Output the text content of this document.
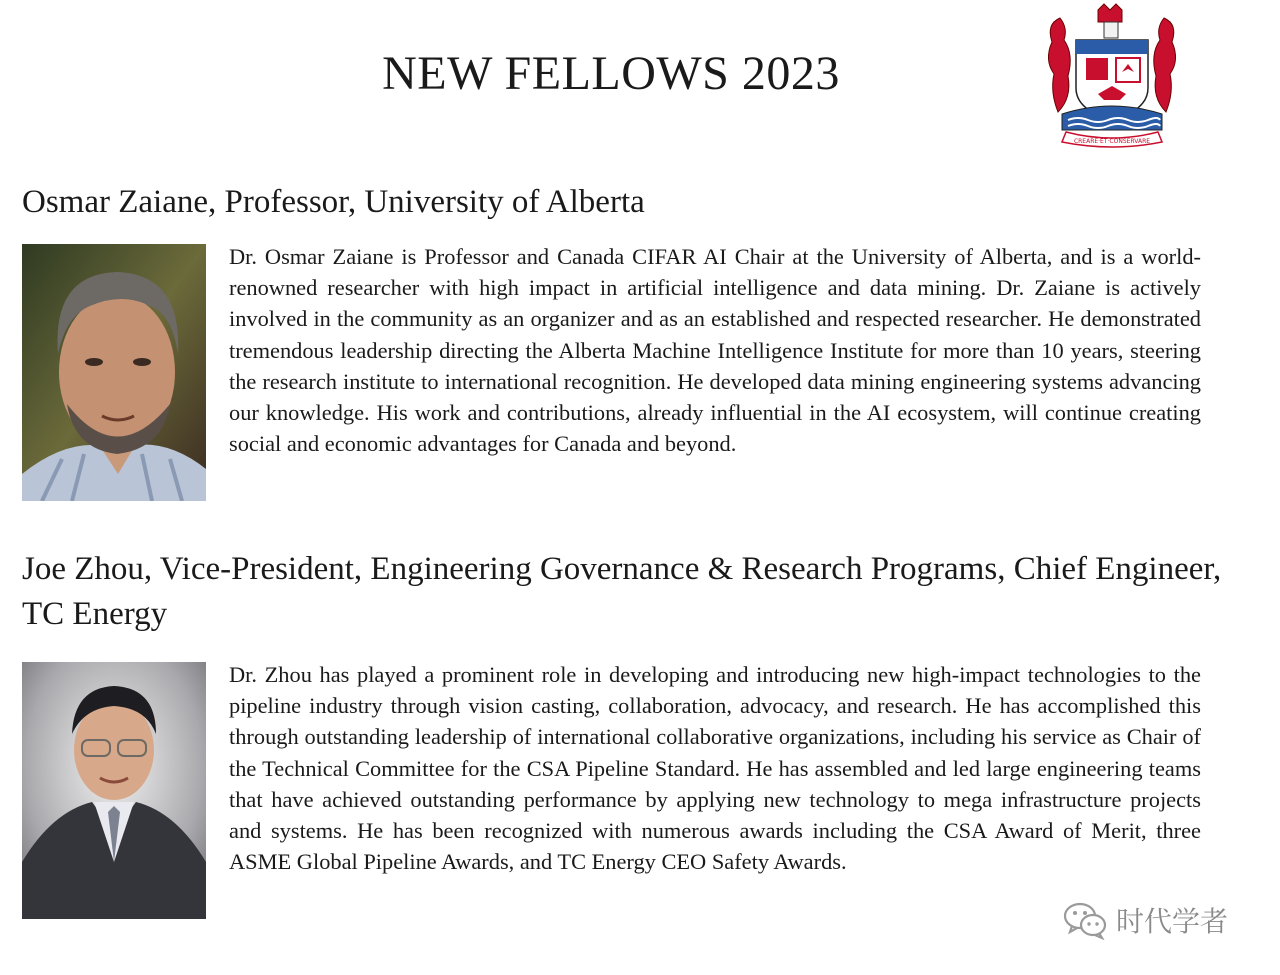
NEW FELLOWS 2023
CREARE·ET·CONSERVARE
Osmar Zaiane, Professor, University of Alberta

Dr. Osmar Zaiane is Professor and Canada CIFAR AI Chair at the University of Alberta, and is a world-renowned researcher with high impact in artificial intelligence and data mining. Dr. Zaiane is actively involved in the community as an organizer and as an established and respected researcher. He demonstrated tremendous leadership directing the Alberta Machine Intelligence Institute for more than 10 years, steering the research institute to international recognition. He developed data mining engineering systems advancing our knowledge. His work and contributions, already influential in the AI ecosystem, will continue creating social and economic advantages for Canada and beyond.

Joe Zhou, Vice-President, Engineering Governance & Research Programs, Chief Engineer, TC Energy

Dr. Zhou has played a prominent role in developing and introducing new high-impact technologies to the pipeline industry through vision casting, collaboration, advocacy, and research. He has accomplished this through outstanding leadership of international collaborative organizations, including his service as Chair of the Technical Committee for the CSA Pipeline Standard. He has assembled and led large engineering teams that have achieved outstanding performance by applying new technology to mega infrastructure projects and systems. He has been recognized with numerous awards including the CSA Award of Merit, three ASME Global Pipeline Awards, and TC Energy CEO Safety Awards.

时代学者
